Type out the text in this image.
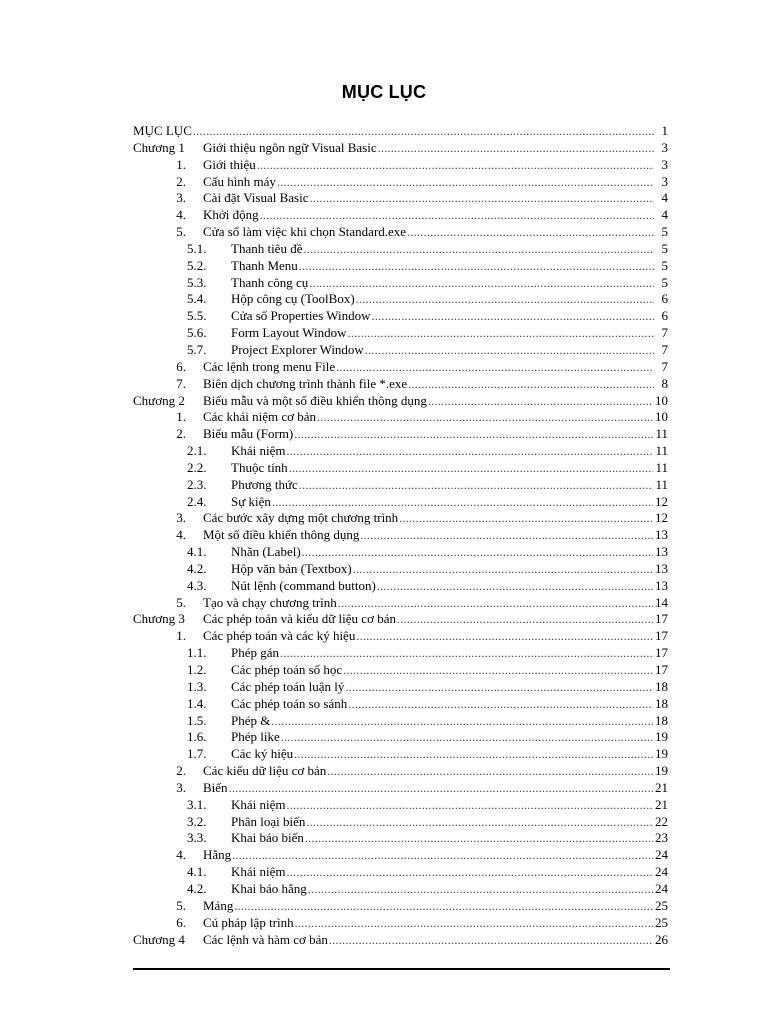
MỤC LỤC
MỤC LỤC .....	1
Chương 1 Giới thiệu ngôn ngữ Visual Basic .....	3
1. Giới thiệu .....	3
2. Cấu hình máy .....	3
3. Cài đặt Visual Basic .....	4
4. Khởi động .....	4
5. Cửa sổ làm việc khi chọn Standard.exe .....	5
5.1. Thanh tiêu đề .....	5
5.2. Thanh Menu .....	5
5.3. Thanh công cụ .....	5
5.4. Hộp công cụ (ToolBox) .....	6
5.5. Cửa sổ Properties Window .....	6
5.6. Form Layout Window .....	7
5.7. Project Explorer Window .....	7
6. Các lệnh trong menu File .....	7
7. Biên dịch chương trình thành file *.exe .....	8
Chương 2 Biểu mẫu và một số điều khiển thông dụng .....	10
1. Các khái niệm cơ bản .....	10
2. Biểu mẫu (Form) .....	11
2.1. Khái niệm .....	11
2.2. Thuộc tính .....	11
2.3. Phương thức .....	11
2.4. Sự kiện .....	12
3. Các bước xây dựng một chương trình .....	12
4. Một số điều khiển thông dụng .....	13
4.1. Nhãn (Label) .....	13
4.2. Hộp văn bản (Textbox) .....	13
4.3. Nút lệnh (command button) .....	13
5. Tạo và chạy chương trình .....	14
Chương 3 Các phép toán và kiểu dữ liệu cơ bản .....	17
1. Các phép toán và các ký hiệu .....	17
1.1. Phép gán .....	17
1.2. Các phép toán số học .....	17
1.3. Các phép toán luận lý .....	18
1.4. Các phép toán so sánh .....	18
1.5. Phép & .....	18
1.6. Phép like .....	19
1.7. Các ký hiệu .....	19
2. Các kiểu dữ liệu cơ bản .....	19
3. Biến .....	21
3.1. Khái niệm .....	21
3.2. Phân loại biến .....	22
3.3. Khai báo biến .....	23
4. Hằng .....	24
4.1. Khái niệm .....	24
4.2. Khai báo hằng .....	24
5. Mảng .....	25
6. Cú pháp lập trình .....	25
Chương 4 Các lệnh và hàm cơ bản .....	26
